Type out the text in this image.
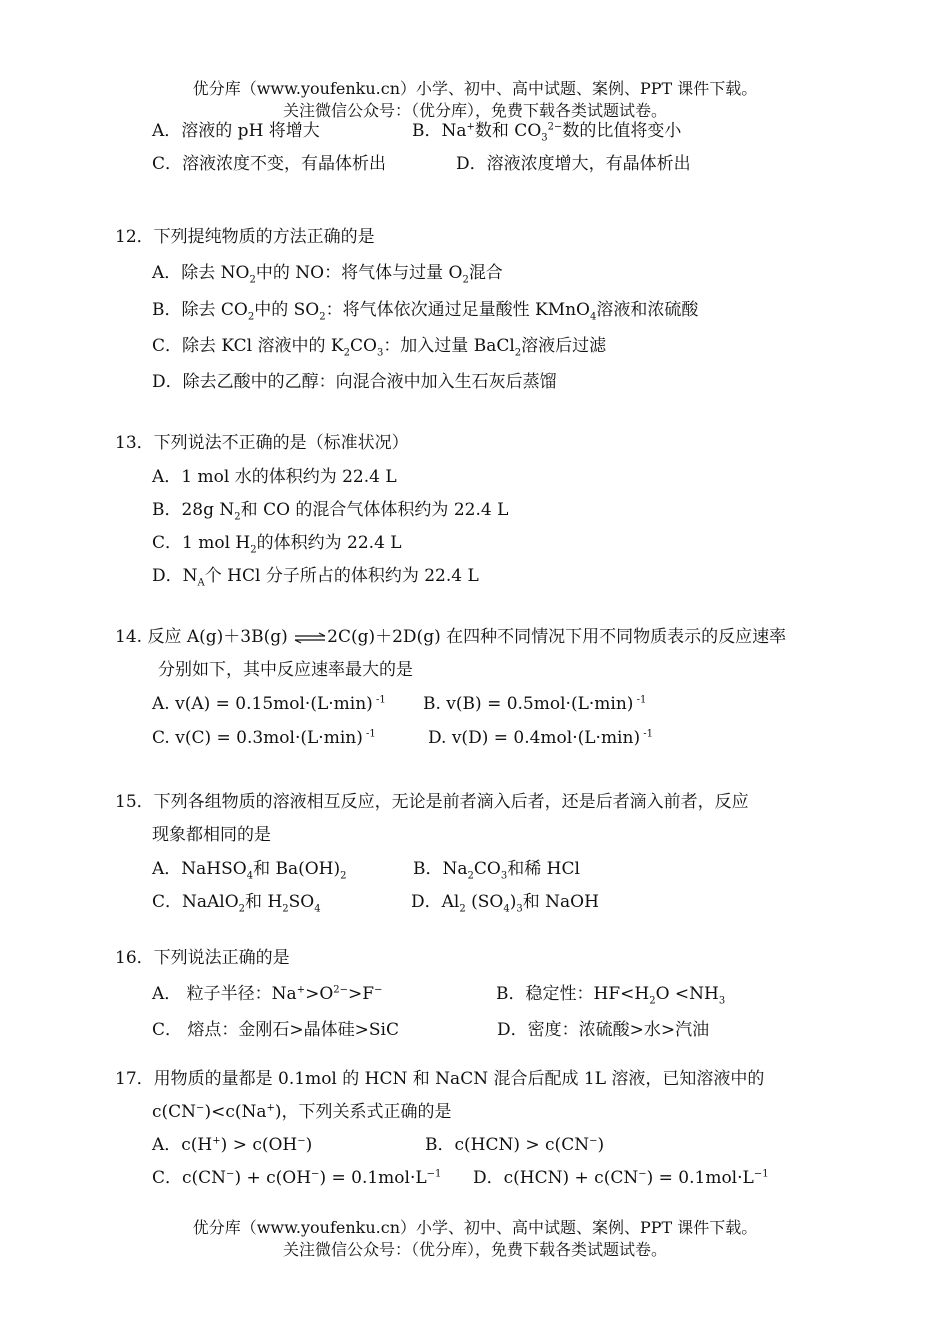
优分库（www.youfenku.cn）小学、初中、高中试题、案例、PPT 课件下载。
关注微信公众号：（优分库），免费下载各类试题试卷。
A．溶液的 pH 将增大	B．Na+数和 $CO_3^{2-}$数的比值将变小
C．溶液浓度不变，有晶体析出	D．溶液浓度增大，有晶体析出
12．下列提纯物质的方法正确的是
A．除去 $NO_2$中的 NO：将气体与过量 $O_2$混合
B．除去 $CO_2$中的 $SO_2$：将气体依次通过足量酸性 KMnO$_4$溶液和浓硫酸
C．除去 KCl 溶液中的 $K_2CO_3$：加入过量 BaCl$_2$溶液后过滤
D．除去乙酸中的乙醇：向混合液中加入生石灰后蒸馏
13．下列说法不正确的是（标准状况）
A．1 mol 水的体积约为 22.4 L
B．28g $N_2$和 CO 的混合气体体积约为 22.4 L
C．1 mol $H_2$的体积约为 22.4 L
D．$N_A$个 HCl 分子所占的体积约为 22.4 L
14. 反应 A(g)＋3B(g) ⇌2C(g)＋2D(g) 在四种不同情况下用不同物质表示的反应速率
分别如下，其中反应速率最大的是
A. v(A) = 0.15mol·(L·min) $^{-1}$ B. v(B) = 0.5mol·(L·min) $^{-1}$
C. v(C) = 0.3mol·(L·min) $^{-1}$	D. v(D) = 0.4mol·(L·min) $^{-1}$
15．下列各组物质的溶液相互反应，无论是前者滴入后者，还是后者滴入前者，反应
现象都相同的是
A．NaHSO$_4$和 $Ba(OH)_2$	B．$Na_2CO_3$和稀 HCl
C．NaAlO$_2$和 $H_2SO_4$	D．$Al_2$ $(SO_4)_3$和 NaOH
16．下列说法正确的是
A． 粒子半径：$Na^+>O^{2-}>F^-$	B．稳定性：$HF<H_2O <NH_3$
C． 熔点：金刚石>晶体硅>SiC	D．密度：浓硫酸>水>汽油
17．用物质的量都是 0.1mol 的 HCN 和 NaCN 混合后配成 1L 溶液，已知溶液中的
c(CN−)<c(Na+)，下列关系式正确的是
A．c(H+) > c(OH−)	B．c(HCN) > c(CN−)
C．$c(CN^-) + c(OH^-) = 0.1mol\cdot L^{-1}$ D．$c(HCN) + c(CN^-) = 0.1mol\cdot L^{-1}$
优分库（www.youfenku.cn）小学、初中、高中试题、案例、PPT 课件下载。
关注微信公众号：（优分库），免费下载各类试题试卷。
